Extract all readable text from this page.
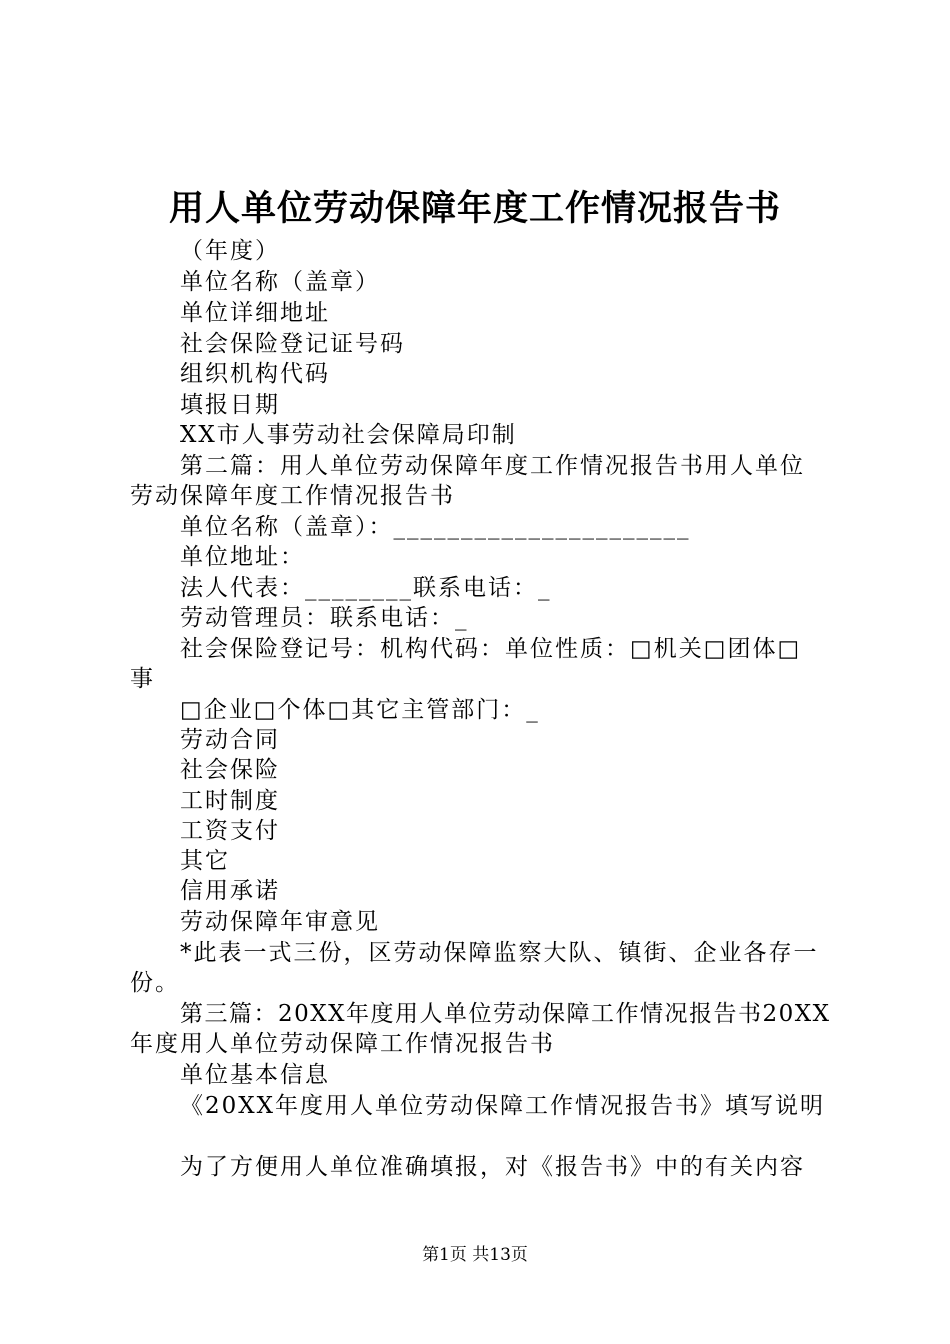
用人单位劳动保障年度工作情况报告书
（年度）
单位名称（盖章）
单位详细地址
社会保险登记证号码
组织机构代码
填报日期
XX市人事劳动社会保障局印制
第二篇：用人单位劳动保障年度工作情况报告书用人单位
劳动保障年度工作情况报告书
单位名称（盖章）：______________________
单位地址：
法人代表：________联系电话：_
劳动管理员：联系电话：_
社会保险登记号：机构代码：单位性质：□机关□团体□
事
□企业□个体□其它主管部门：_
劳动合同
社会保险
工时制度
工资支付
其它
信用承诺
劳动保障年审意见
*此表一式三份，区劳动保障监察大队、镇街、企业各存一
份。
第三篇：20XX年度用人单位劳动保障工作情况报告书20XX
年度用人单位劳动保障工作情况报告书
单位基本信息
《20XX年度用人单位劳动保障工作情况报告书》填写说明
为了方便用人单位准确填报，对《报告书》中的有关内容
第1页 共13页
